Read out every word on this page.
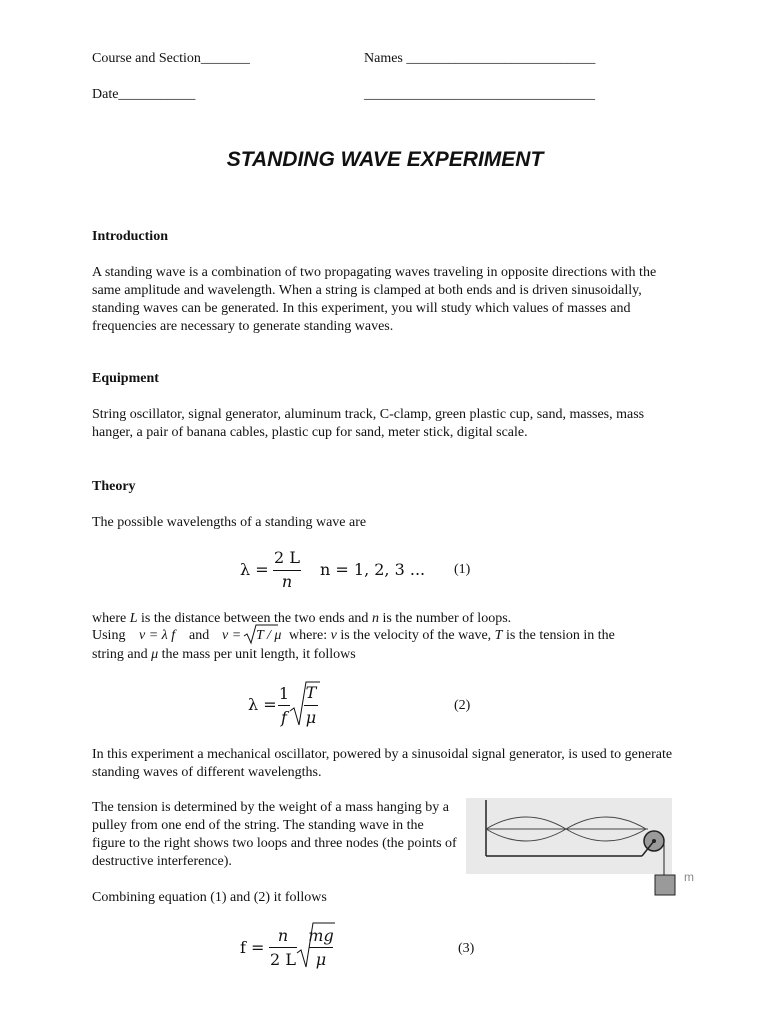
Course and Section_______	Names ___________________________
Date___________	_________________________________
STANDING WAVE EXPERIMENT
Introduction
A standing wave is a combination of two propagating waves traveling in opposite directions with the same amplitude and wavelength. When a string is clamped at both ends and is driven sinusoidally, standing waves can be generated. In this experiment, you will study which values of masses and frequencies are necessary to generate standing waves.
Equipment
String oscillator, signal generator, aluminum track, C-clamp, green plastic cup, sand, masses, mass hanger, a pair of banana cables, plastic cup for sand, meter stick, digital scale.
Theory
The possible wavelengths of a standing wave are
λ =
2 L
n
n = 1, 2, 3 ... (1)
where L is the distance between the two ends and n is the number of loops.
Using v = λ f and v = T / μ where: v is the velocity of the wave, T is the tension in the
string and μ the mass per unit length, it follows
λ =
1
f
T
μ
(2)
In this experiment a mechanical oscillator, powered by a sinusoidal signal generator, is used to generate standing waves of different wavelengths.
The tension is determined by the weight of a mass hanging by a pulley from one end of the string. The standing wave in the figure to the right shows two loops and three nodes (the points of destructive interference).
m
Combining equation (1) and (2) it follows
f =
n
2 L
mg
μ
(3)
